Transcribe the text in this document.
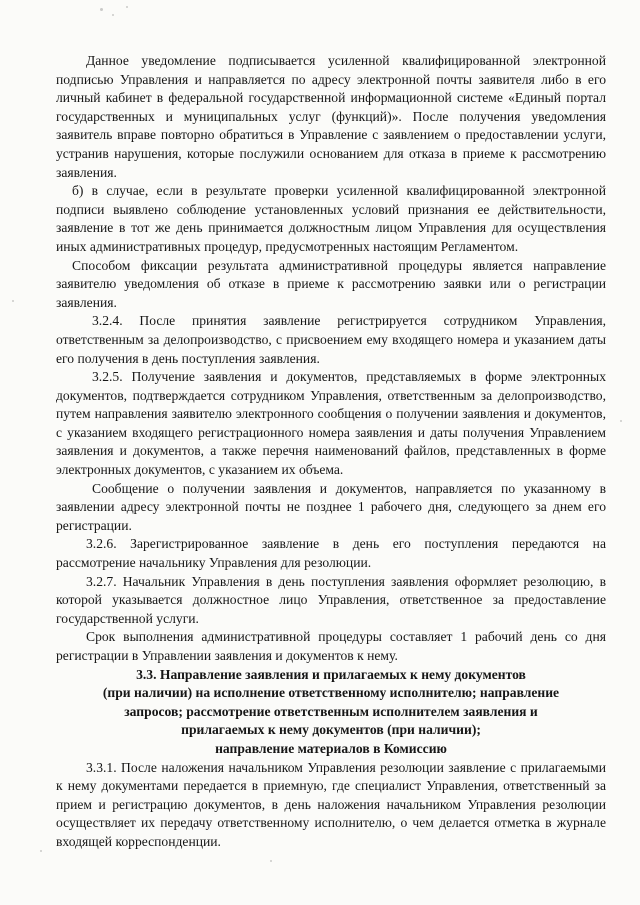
Данное уведомление подписывается усиленной квалифицированной электронной подписью Управления и направляется по адресу электронной почты заявителя либо в его личный кабинет в федеральной государственной информационной системе «Единый портал государственных и муниципальных услуг (функций)». После получения уведомления заявитель вправе повторно обратиться в Управление с заявлением о предоставлении услуги, устранив нарушения, которые послужили основанием для отказа в приеме к рассмотрению заявления.

б) в случае, если в результате проверки усиленной квалифицированной электронной подписи выявлено соблюдение установленных условий признания ее действительности, заявление в тот же день принимается должностным лицом Управления для осуществления иных административных процедур, предусмотренных настоящим Регламентом.

Способом фиксации результата административной процедуры является направление заявителю уведомления об отказе в приеме к рассмотрению заявки или о регистрации заявления.

3.2.4. После принятия заявление регистрируется сотрудником Управления, ответственным за делопроизводство, с присвоением ему входящего номера и указанием даты его получения в день поступления заявления.

3.2.5. Получение заявления и документов, представляемых в форме электронных документов, подтверждается сотрудником Управления, ответственным за делопроизводство, путем направления заявителю электронного сообщения о получении заявления и документов, с указанием входящего регистрационного номера заявления и даты получения Управлением заявления и документов, а также перечня наименований файлов, представленных в форме электронных документов, с указанием их объема.

Сообщение о получении заявления и документов, направляется по указанному в заявлении адресу электронной почты не позднее 1 рабочего дня, следующего за днем его регистрации.

3.2.6. Зарегистрированное заявление в день его поступления передаются на рассмотрение начальнику Управления для резолюции.

3.2.7. Начальник Управления в день поступления заявления оформляет резолюцию, в которой указывается должностное лицо Управления, ответственное за предоставление государственной услуги.

Срок выполнения административной процедуры составляет 1 рабочий день со дня регистрации в Управлении заявления и документов к нему.

3.3. Направление заявления и прилагаемых к нему документов

(при наличии) на исполнение ответственному исполнителю; направление

запросов; рассмотрение ответственным исполнителем заявления и

прилагаемых к нему документов (при наличии);

направление материалов в Комиссию

3.3.1. После наложения начальником Управления резолюции заявление с прилагаемыми к нему документами передается в приемную, где специалист Управления, ответственный за прием и регистрацию документов, в день наложения начальником Управления резолюции осуществляет их передачу ответственному исполнителю, о чем делается отметка в журнале входящей корреспонденции.
